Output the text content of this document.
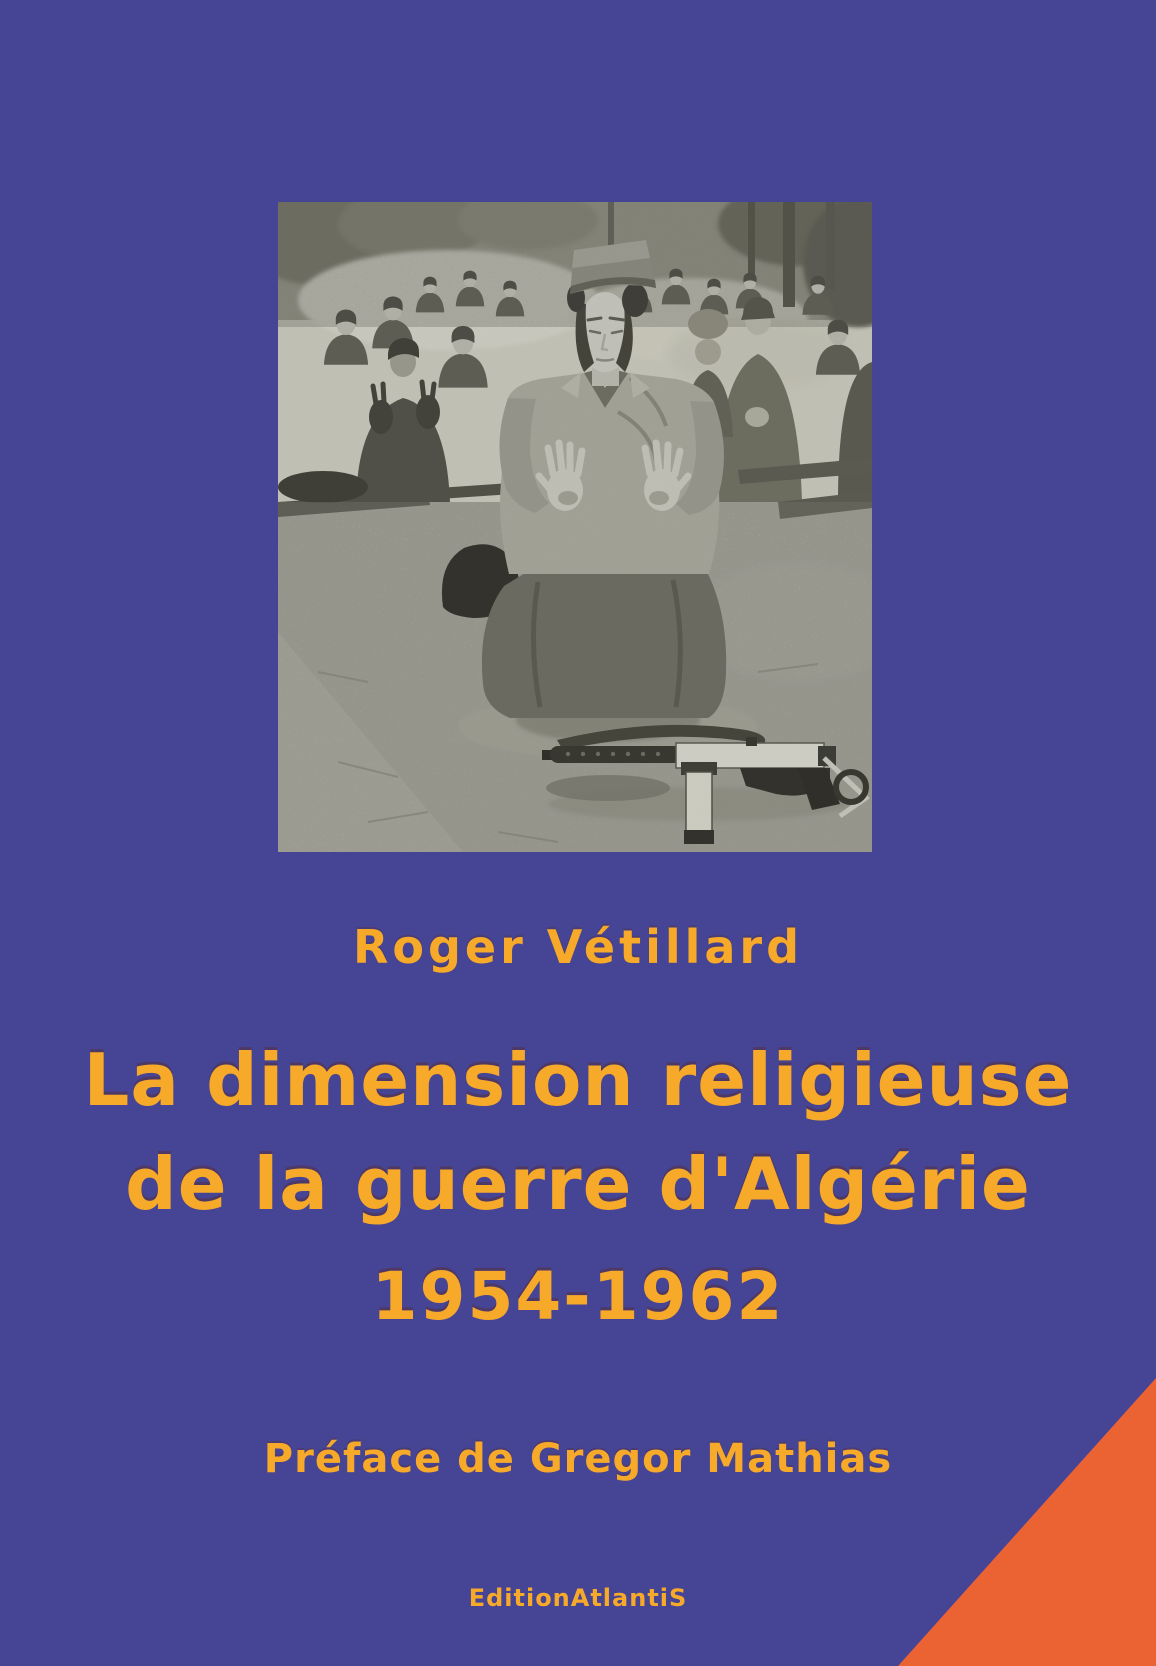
Roger Vétillard
La dimension religieuse
de la guerre d'Algérie
1954-1962
Préface de Gregor Mathias
EditionAtlantiS
